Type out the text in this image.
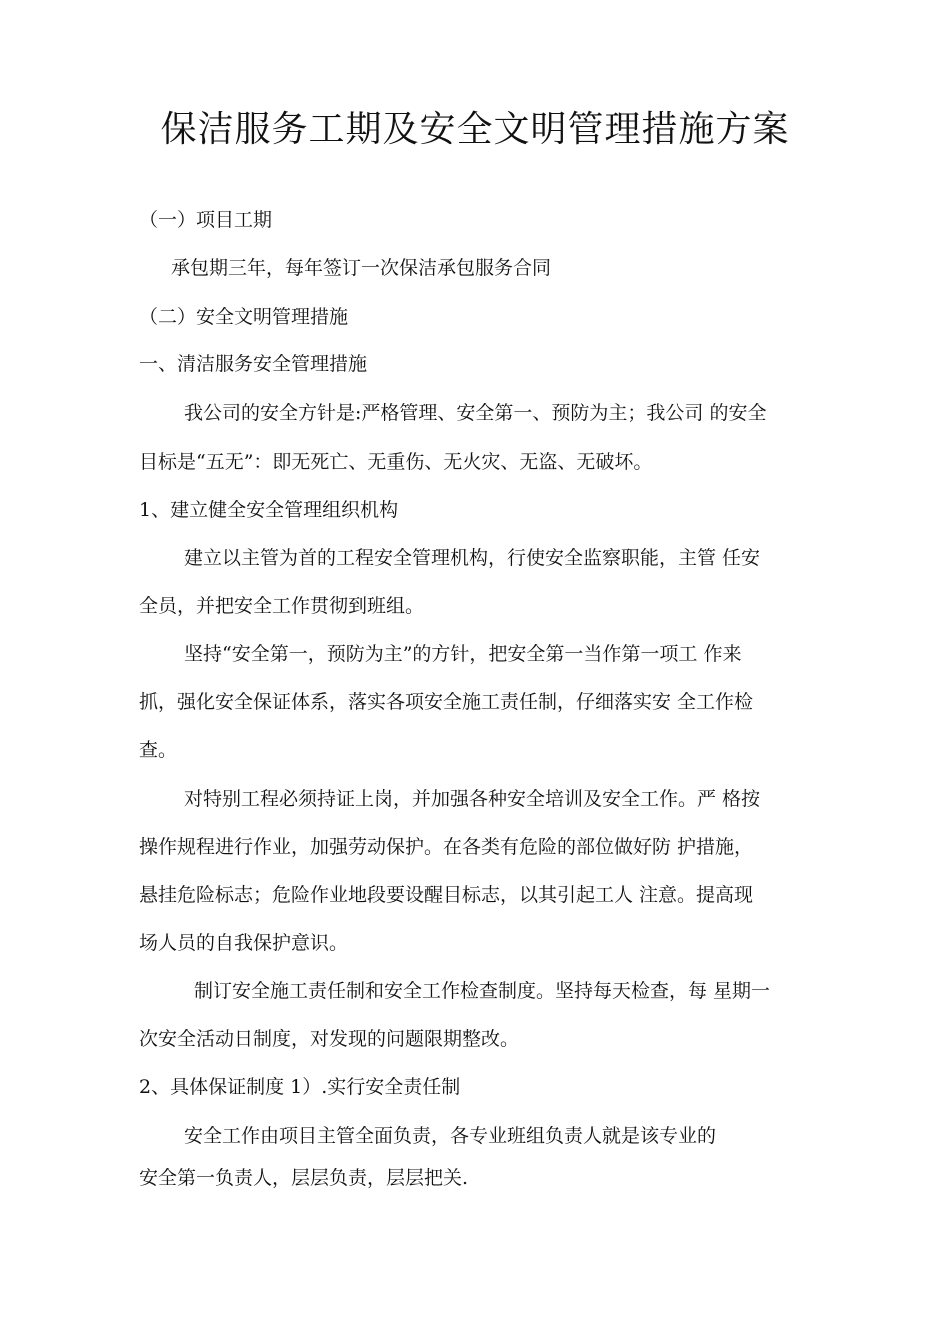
保洁服务工期及安全文明管理措施方案

（一）项目工期

承包期三年，每年签订一次保洁承包服务合同

（二）安全文明管理措施

一、清洁服务安全管理措施

我公司的安全方针是:严格管理、安全第一、预防为主；我公司 的安全

目标是“五无”：即无死亡、无重伤、无火灾、无盗、无破坏。

1、建立健全安全管理组织机构

建立以主管为首的工程安全管理机构，行使安全监察职能，主管 任安

全员，并把安全工作贯彻到班组。

坚持“安全第一，预防为主”的方针，把安全第一当作第一项工 作来

抓，强化安全保证体系，落实各项安全施工责任制，仔细落实安 全工作检

查。

对特别工程必须持证上岗，并加强各种安全培训及安全工作。严 格按

操作规程进行作业，加强劳动保护。在各类有危险的部位做好防 护措施，

悬挂危险标志；危险作业地段要设醒目标志，以其引起工人 注意。提高现

场人员的自我保护意识。

制订安全施工责任制和安全工作检查制度。坚持每天检查，每 星期一

次安全活动日制度，对发现的问题限期整改。

2、具体保证制度 1）.实行安全责任制

安全工作由项目主管全面负责，各专业班组负责人就是该专业的

安全第一负责人，层层负责，层层把关.
